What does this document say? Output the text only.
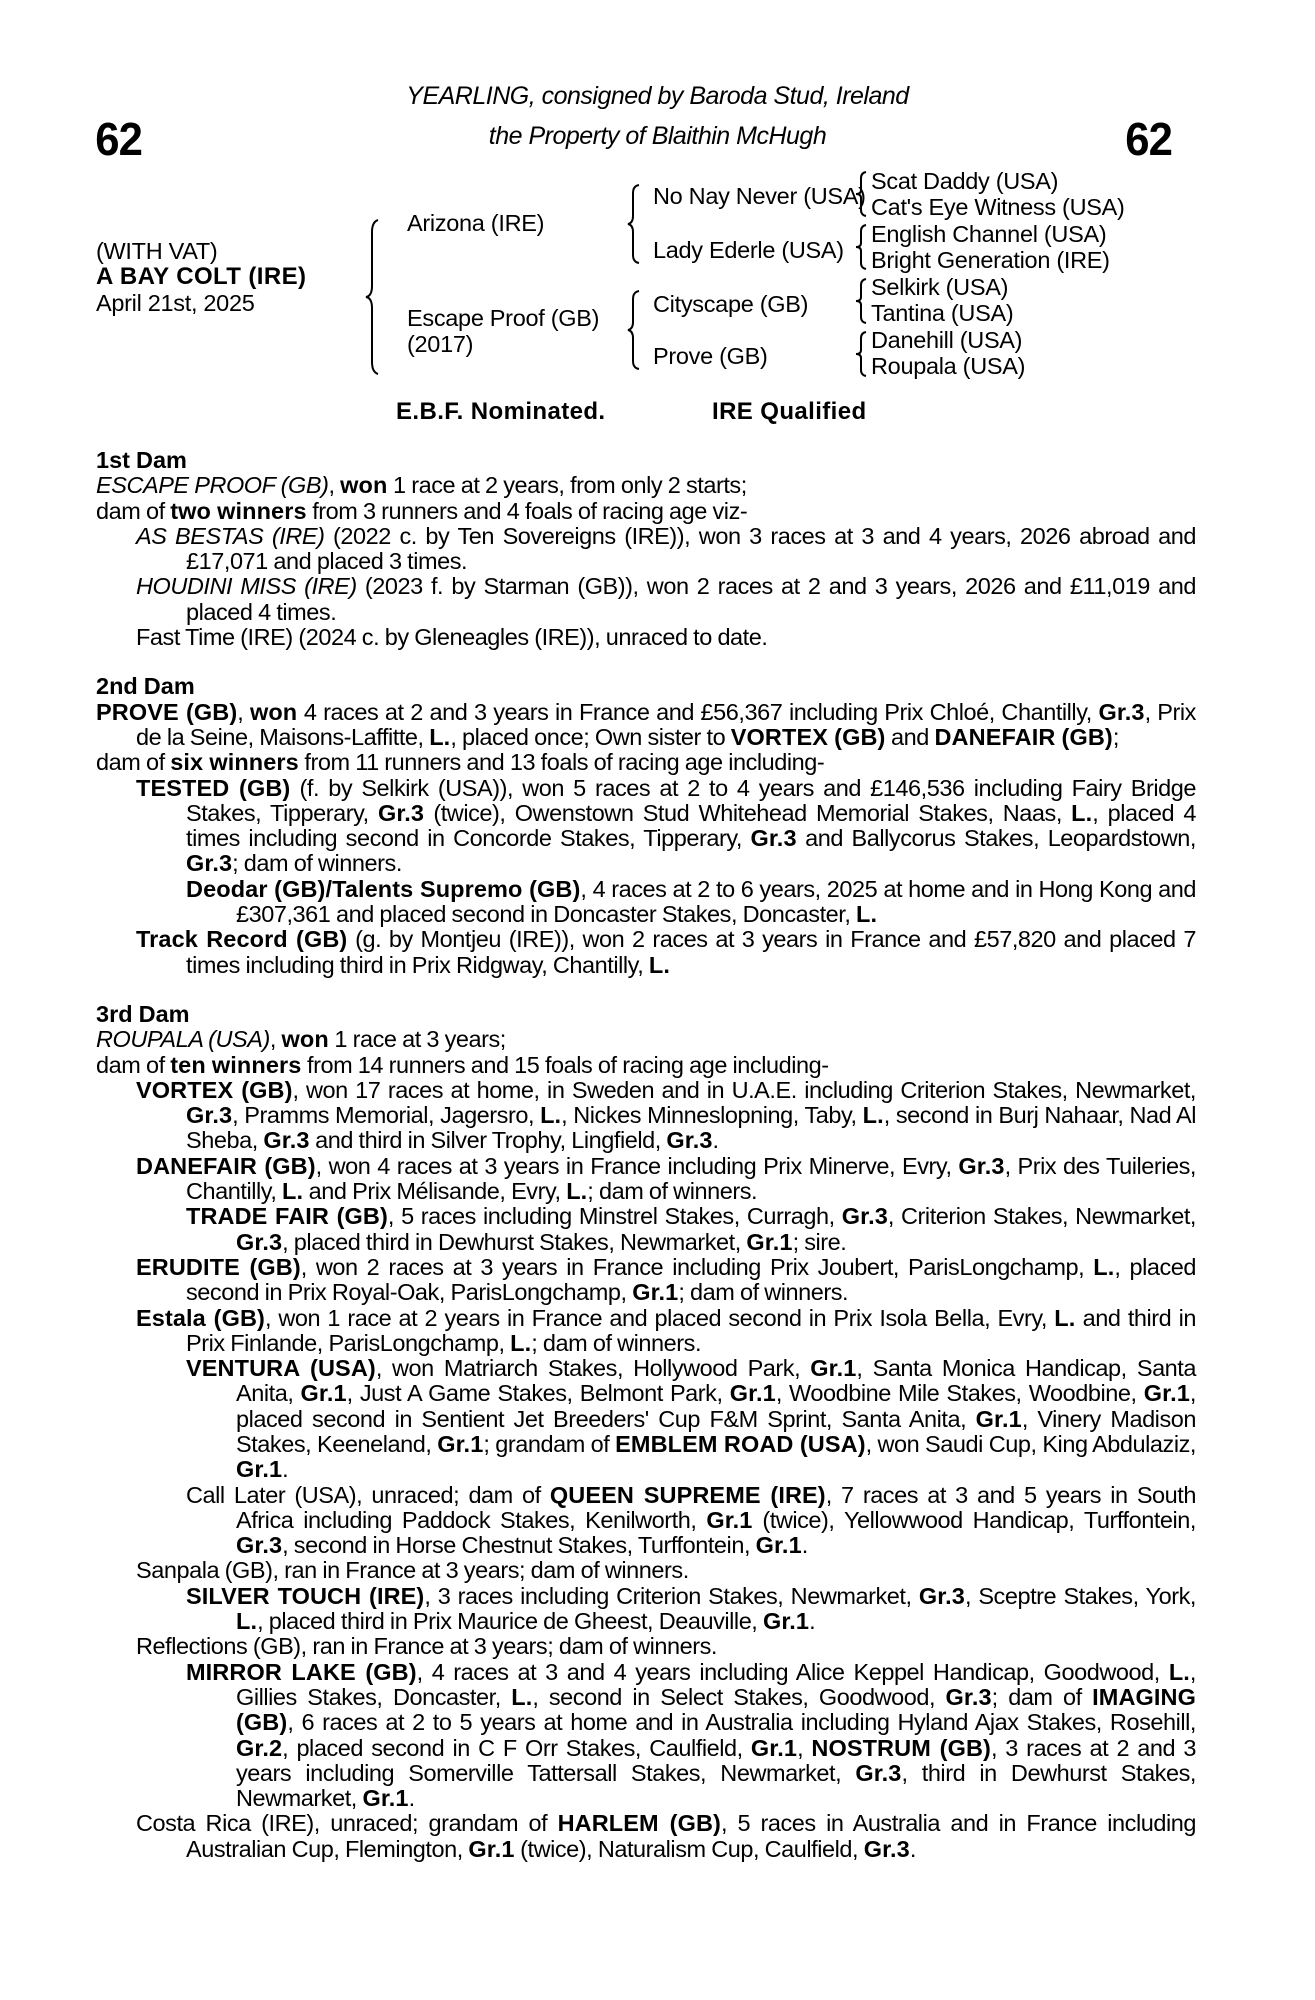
62	62
YEARLING, consigned by Baroda Stud, Ireland
the Property of Blaithin McHugh
(WITH VAT)
A BAY COLT (IRE)
April 21st, 2025
Arizona (IRE)
Escape Proof (GB)
(2017)
No Nay Never (USA)
Lady Ederle (USA)
Cityscape (GB)
Prove (GB)
Scat Daddy (USA)
Cat's Eye Witness (USA)
English Channel (USA)
Bright Generation (IRE)
Selkirk (USA)
Tantina (USA)
Danehill (USA)
Roupala (USA)
E.B.F. Nominated.	IRE Qualified
1st Dam
ESCAPE PROOF (GB), won 1 race at 2 years, from only 2 starts;
dam of two winners from 3 runners and 4 foals of racing age viz-
AS BESTAS (IRE) (2022 c. by Ten Sovereigns (IRE)), won 3 races at 3 and 4 years, 2026 abroad and £17,071 and placed 3 times.
HOUDINI MISS (IRE) (2023 f. by Starman (GB)), won 2 races at 2 and 3 years, 2026 and £11,019 and placed 4 times.
Fast Time (IRE) (2024 c. by Gleneagles (IRE)), unraced to date.
2nd Dam
PROVE (GB), won 4 races at 2 and 3 years in France and £56,367 including Prix Chloé, Chantilly, Gr.3, Prix de la Seine, Maisons-Laffitte, L., placed once; Own sister to VORTEX (GB) and DANEFAIR (GB);
dam of six winners from 11 runners and 13 foals of racing age including-
TESTED (GB) (f. by Selkirk (USA)), won 5 races at 2 to 4 years and £146,536 including Fairy Bridge Stakes, Tipperary, Gr.3 (twice), Owenstown Stud Whitehead Memorial Stakes, Naas, L., placed 4 times including second in Concorde Stakes, Tipperary, Gr.3 and Ballycorus Stakes, Leopardstown, Gr.3; dam of winners.
Deodar (GB)/Talents Supremo (GB), 4 races at 2 to 6 years, 2025 at home and in Hong Kong and £307,361 and placed second in Doncaster Stakes, Doncaster, L.
Track Record (GB) (g. by Montjeu (IRE)), won 2 races at 3 years in France and £57,820 and placed 7 times including third in Prix Ridgway, Chantilly, L.
3rd Dam
ROUPALA (USA), won 1 race at 3 years;
dam of ten winners from 14 runners and 15 foals of racing age including-
VORTEX (GB), won 17 races at home, in Sweden and in U.A.E. including Criterion Stakes, Newmarket, Gr.3, Pramms Memorial, Jagersro, L., Nickes Minneslopning, Taby, L., second in Burj Nahaar, Nad Al Sheba, Gr.3 and third in Silver Trophy, Lingfield, Gr.3.
DANEFAIR (GB), won 4 races at 3 years in France including Prix Minerve, Evry, Gr.3, Prix des Tuileries, Chantilly, L. and Prix Mélisande, Evry, L.; dam of winners.
TRADE FAIR (GB), 5 races including Minstrel Stakes, Curragh, Gr.3, Criterion Stakes, Newmarket, Gr.3, placed third in Dewhurst Stakes, Newmarket, Gr.1; sire.
ERUDITE (GB), won 2 races at 3 years in France including Prix Joubert, ParisLongchamp, L., placed second in Prix Royal-Oak, ParisLongchamp, Gr.1; dam of winners.
Estala (GB), won 1 race at 2 years in France and placed second in Prix Isola Bella, Evry, L. and third in Prix Finlande, ParisLongchamp, L.; dam of winners.
VENTURA (USA), won Matriarch Stakes, Hollywood Park, Gr.1, Santa Monica Handicap, Santa Anita, Gr.1, Just A Game Stakes, Belmont Park, Gr.1, Woodbine Mile Stakes, Woodbine, Gr.1, placed second in Sentient Jet Breeders' Cup F&M Sprint, Santa Anita, Gr.1, Vinery Madison Stakes, Keeneland, Gr.1; grandam of EMBLEM ROAD (USA), won Saudi Cup, King Abdulaziz, Gr.1.
Call Later (USA), unraced; dam of QUEEN SUPREME (IRE), 7 races at 3 and 5 years in South Africa including Paddock Stakes, Kenilworth, Gr.1 (twice), Yellowwood Handicap, Turffontein, Gr.3, second in Horse Chestnut Stakes, Turffontein, Gr.1.
Sanpala (GB), ran in France at 3 years; dam of winners.
SILVER TOUCH (IRE), 3 races including Criterion Stakes, Newmarket, Gr.3, Sceptre Stakes, York, L., placed third in Prix Maurice de Gheest, Deauville, Gr.1.
Reflections (GB), ran in France at 3 years; dam of winners.
MIRROR LAKE (GB), 4 races at 3 and 4 years including Alice Keppel Handicap, Goodwood, L., Gillies Stakes, Doncaster, L., second in Select Stakes, Goodwood, Gr.3; dam of IMAGING (GB), 6 races at 2 to 5 years at home and in Australia including Hyland Ajax Stakes, Rosehill, Gr.2, placed second in C F Orr Stakes, Caulfield, Gr.1, NOSTRUM (GB), 3 races at 2 and 3 years including Somerville Tattersall Stakes, Newmarket, Gr.3, third in Dewhurst Stakes, Newmarket, Gr.1.
Costa Rica (IRE), unraced; grandam of HARLEM (GB), 5 races in Australia and in France including Australian Cup, Flemington, Gr.1 (twice), Naturalism Cup, Caulfield, Gr.3.
